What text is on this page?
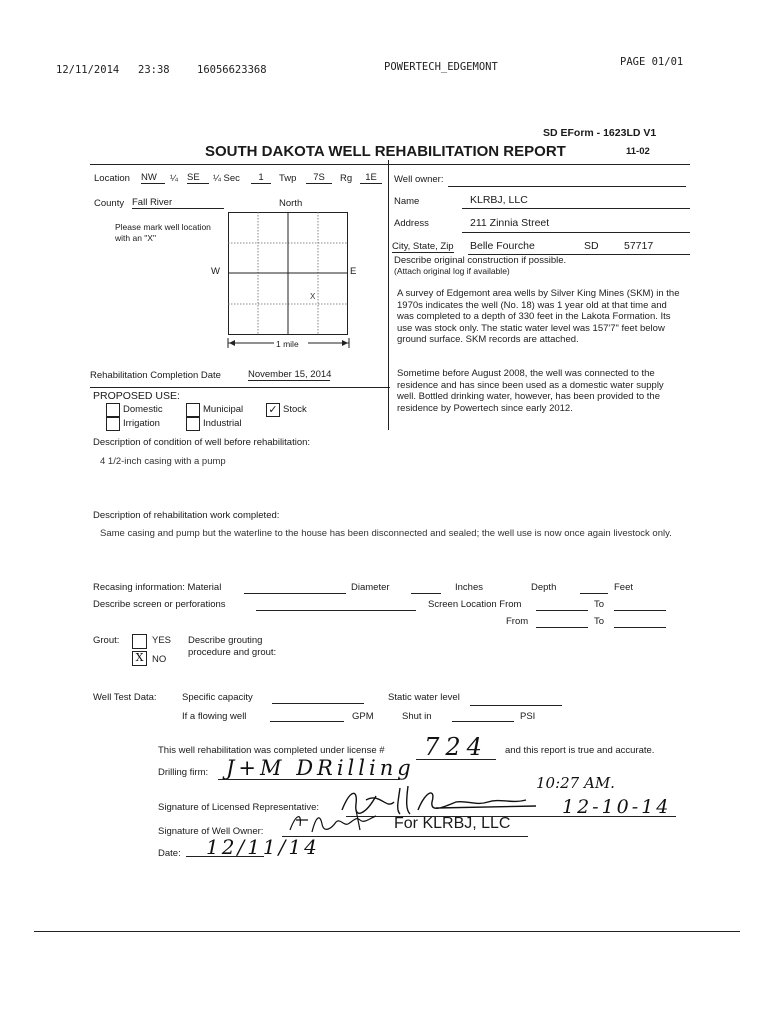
12/11/2014 23:38	16056623368	POWERTECH_EDGEMONT	PAGE 01/01
SD EForm - 1623LD V1
SOUTH DAKOTA WELL REHABILITATION REPORT	11-02
Location NW	¼ SE	¼ Sec	1	Twp	7S	Rg	1E
County Fall River	North
Please mark well location with an "X"
X
W	E
1 mile
Well owner:
Name	KLRBJ, LLC
Address	211 Zinnia Street
City, State, Zip Belle Fourche	SD 57717
Describe original construction if possible.
(Attach original log if available)
A survey of Edgemont area wells by Silver King Mines (SKM) in the 1970s indicates the well (No. 18) was 1 year old at that time and was completed to a depth of 330 feet in the Lakota Formation. Its use was stock only. The static water level was 157'7" feet below ground surface. SKM records are attached.
Sometime before August 2008, the well was connected to the residence and has since been used as a domestic water supply well. Bottled drinking water, however, has been provided to the residence by Powertech since early 2012.
Rehabilitation Completion Date	November 15, 2014
PROPOSED USE:
Domestic	Municipal ✓ Stock
Irrigation	Industrial
Description of condition of well before rehabilitation:
4 1/2-inch casing with a pump
Description of rehabilitation work completed:
Same casing and pump but the waterline to the house has been disconnected and sealed; the well use is now once again livestock only.
Recasing information: Material	Diameter	Inches	Depth	Feet
Describe screen or perforations	Screen Location From	To
From	To
Grout:	YES
X NO
Describe grouting
procedure and grout:
Well Test Data:	Specific capacity	Static water level
If a flowing well	GPM	Shut in	PSI
This well rehabilitation was completed under license #	724	and this report is true and accurate.
Drilling firm: J+M DRilling
10:27 AM.
Signature of Licensed Representative:	12-10-14
Signature of Well Owner:	For KLRBJ, LLC
Date: 12/11/14
